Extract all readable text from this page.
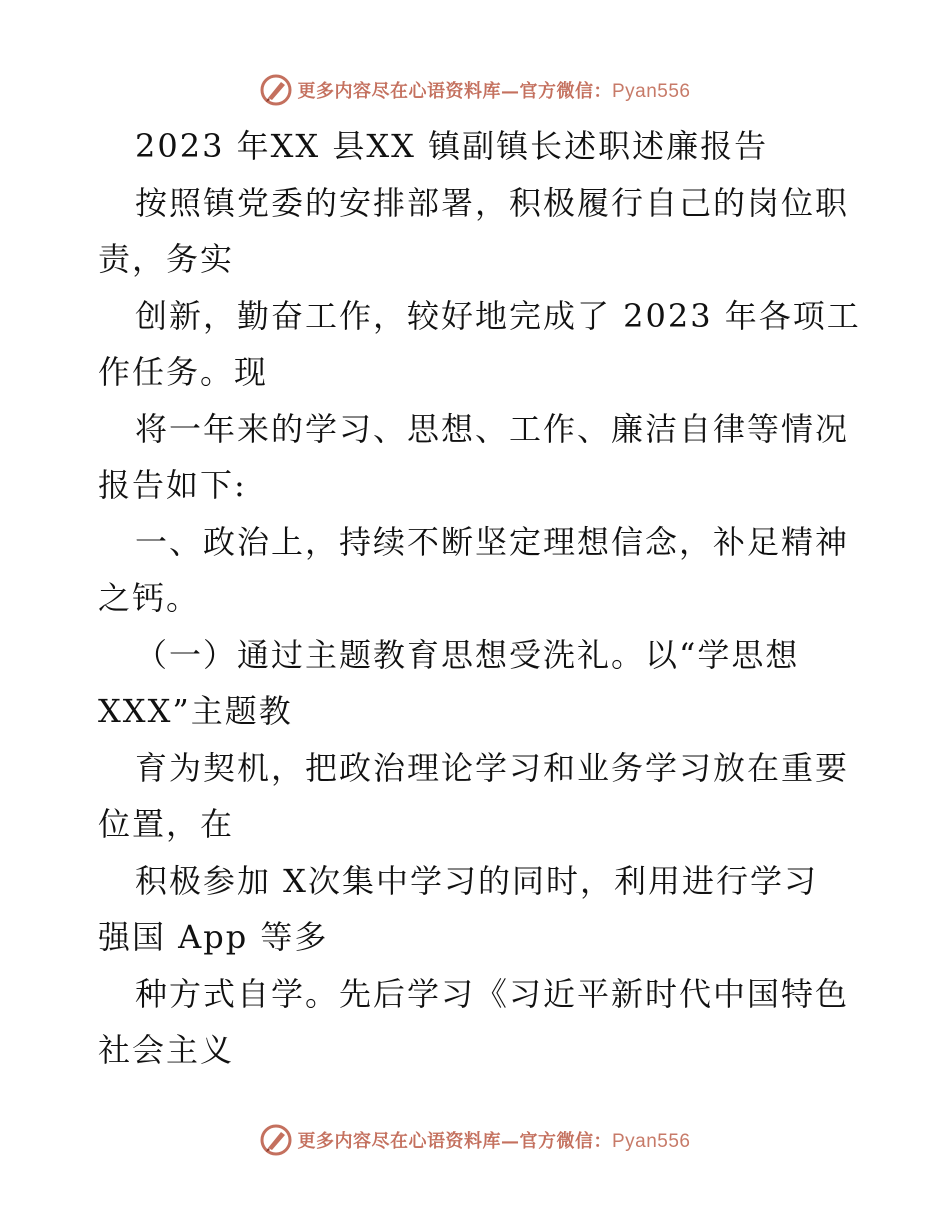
更多内容尽在心语资料库—官方微信：Pyan556
2023 年XX 县XX 镇副镇长述职述廉报告
按照镇党委的安排部署，积极履行自己的岗位职
责，务实
创新，勤奋工作，较好地完成了 2023 年各项工
作任务。现
将一年来的学习、思想、工作、廉洁自律等情况
报告如下:
一、政治上，持续不断坚定理想信念，补足精神
之钙。
（一）通过主题教育思想受洗礼。以“学思想
XXX”主题教
育为契机，把政治理论学习和业务学习放在重要
位置，在
积极参加 X次集中学习的同时，利用进行学习
强国 App 等多
种方式自学。先后学习《习近平新时代中国特色
社会主义
更多内容尽在心语资料库—官方微信：Pyan556
